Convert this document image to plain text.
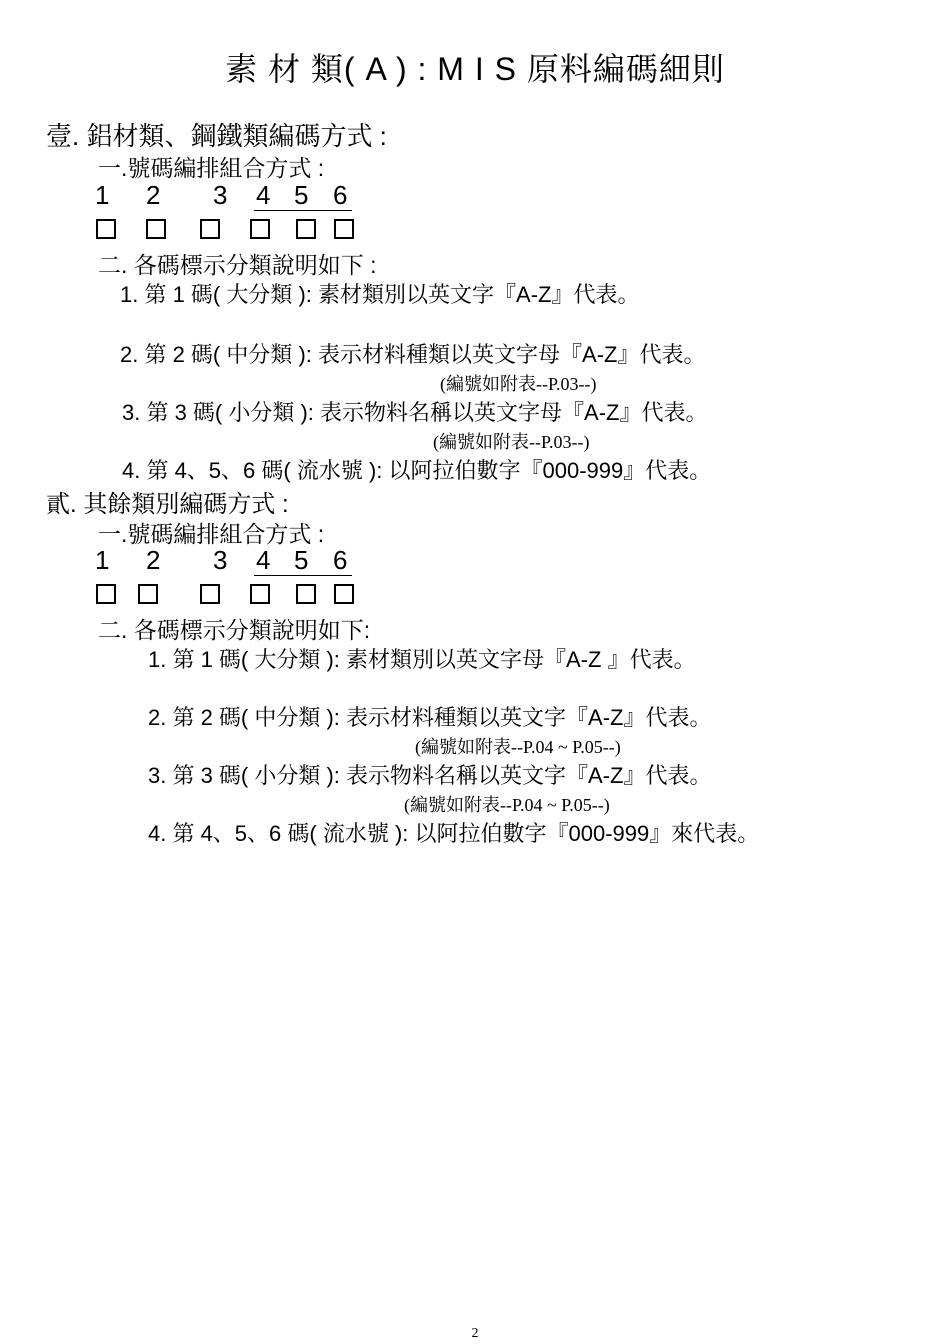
素 材 類( A ) : M I S 原料編碼細則
壹. 鋁材類、鋼鐵類編碼方式 :
一.號碼編排組合方式 :
1 2 3 4 5 6
二. 各碼標示分類說明如下 :
1. 第 1 碼( 大分類 ): 素材類別以英文字『A-Z』代表。
2. 第 2 碼( 中分類 ): 表示材料種類以英文字母『A-Z』代表。
(編號如附表--P.03--)
3. 第 3 碼( 小分類 ): 表示物料名稱以英文字母『A-Z』代表。
(編號如附表--P.03--)
4. 第 4、5、6 碼( 流水號 ): 以阿拉伯數字『000-999』代表。
貳. 其餘類別編碼方式 :
一.號碼編排組合方式 :
1 2 3 4 5 6
二. 各碼標示分類說明如下:
1. 第 1 碼( 大分類 ): 素材類別以英文字母『A-Z 』代表。
2. 第 2 碼( 中分類 ): 表示材料種類以英文字『A-Z』代表。
(編號如附表--P.04 ~ P.05--)
3. 第 3 碼( 小分類 ): 表示物料名稱以英文字『A-Z』代表。
(編號如附表--P.04 ~ P.05--)
4. 第 4、5、6 碼( 流水號 ): 以阿拉伯數字『000-999』來代表。
2
